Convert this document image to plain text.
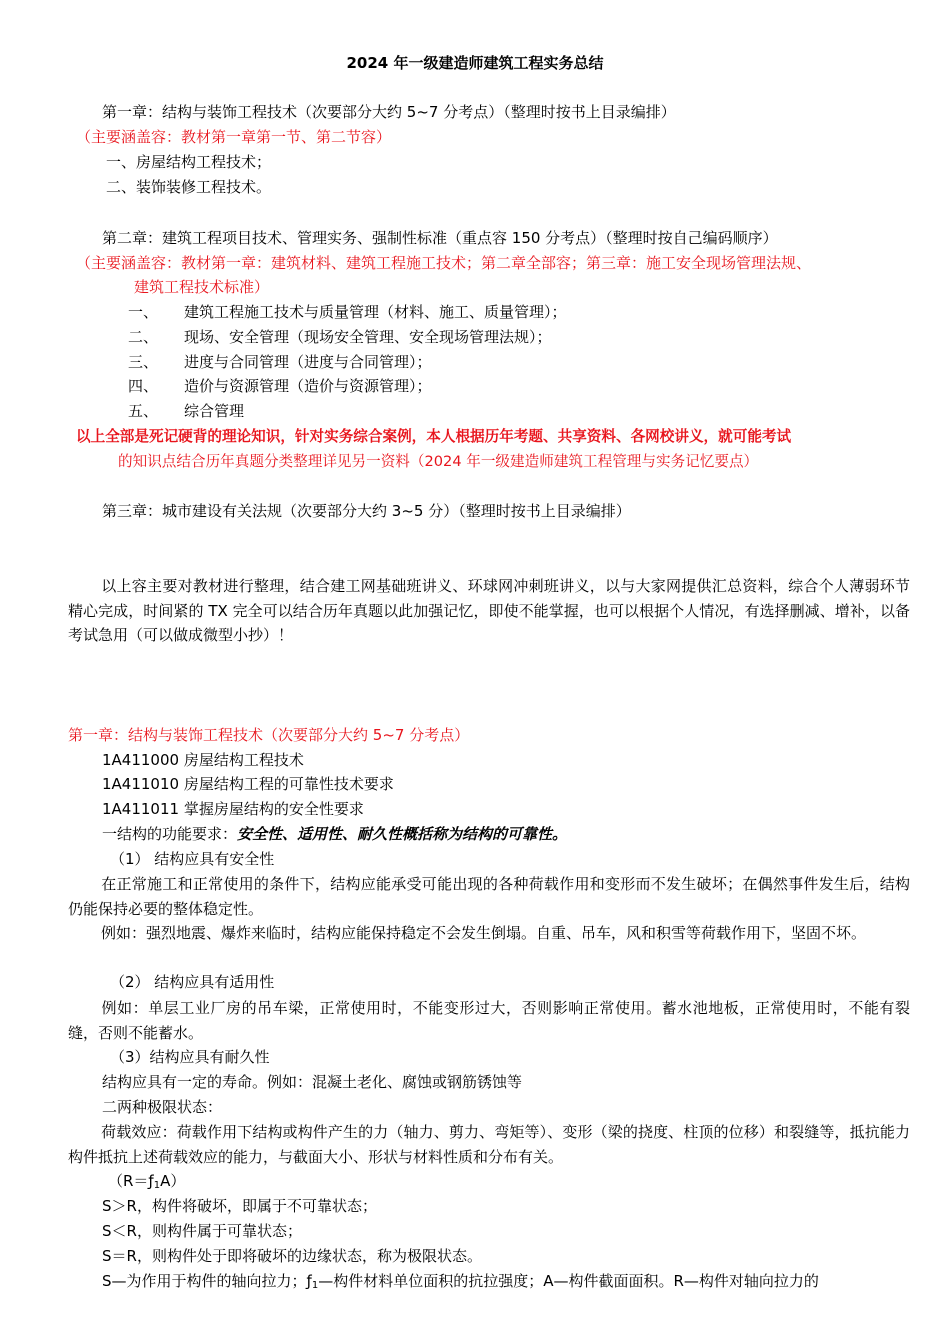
2024 年一级建造师建筑工程实务总结
第一章：结构与装饰工程技术（次要部分大约 5~7 分考点）（整理时按书上目录编排）
（主要涵盖容：教材第一章第一节、第二节容）
一、房屋结构工程技术；
二、装饰装修工程技术。
第二章：建筑工程项目技术、管理实务、强制性标准（重点容 150 分考点）（整理时按自己编码顺序）
（主要涵盖容：教材第一章：建筑材料、建筑工程施工技术；第二章全部容；第三章：施工安全现场管理法规、
建筑工程技术标准）
一、 建筑工程施工技术与质量管理（材料、施工、质量管理）；
二、 现场、安全管理（现场安全管理、安全现场管理法规）；
三、 进度与合同管理（进度与合同管理）；
四、 造价与资源管理（造价与资源管理）；
五、 综合管理
以上全部是死记硬背的理论知识，针对实务综合案例，本人根据历年考题、共享资料、各网校讲义，就可能考试
的知识点结合历年真题分类整理详见另一资料（2024 年一级建造师建筑工程管理与实务记忆要点）
第三章：城市建设有关法规（次要部分大约 3~5 分）（整理时按书上目录编排）
以上容主要对教材进行整理，结合建工网基础班讲义、环球网冲刺班讲义，以与大家网提供汇总资料，综合个人薄弱环节精心完成，时间紧的 TX 完全可以结合历年真题以此加强记忆，即使不能掌握，也可以根据个人情况，有选择删减、增补，以备考试急用（可以做成微型小抄）！
第一章：结构与装饰工程技术（次要部分大约 5~7 分考点）
1A411000 房屋结构工程技术
1A411010 房屋结构工程的可靠性技术要求
1A411011 掌握房屋结构的安全性要求
一结构的功能要求：安全性、适用性、耐久性概括称为结构的可靠性。
（1） 结构应具有安全性
在正常施工和正常使用的条件下，结构应能承受可能出现的各种荷载作用和变形而不发生破坏；在偶然事件发生后，结构仍能保持必要的整体稳定性。
例如：强烈地震、爆炸来临时，结构应能保持稳定不会发生倒塌。自重、吊车，风和积雪等荷载作用下，坚固不坏。
（2） 结构应具有适用性
例如：单层工业厂房的吊车梁，正常使用时，不能变形过大，否则影响正常使用。蓄水池地板，正常使用时，不能有裂缝，否则不能蓄水。
（3）结构应具有耐久性
结构应具有一定的寿命。例如：混凝土老化、腐蚀或钢筋锈蚀等
二两种极限状态：
荷载效应：荷载作用下结构或构件产生的力（轴力、剪力、弯矩等）、变形（梁的挠度、柱顶的位移）和裂缝等，抵抗能力构件抵抗上述荷载效应的能力，与截面大小、形状与材料性质和分布有关。
$(R=ƒ_1A)$
S＞R，构件将破坏，即属于不可靠状态；
S＜R，则构件属于可靠状态；
S＝R，则构件处于即将破坏的边缘状态，称为极限状态。
S—为作用于构件的轴向拉力；$ƒ_1—$构件材料单位面积的抗拉强度；A—构件截面面积。R—构件对轴向拉力的
